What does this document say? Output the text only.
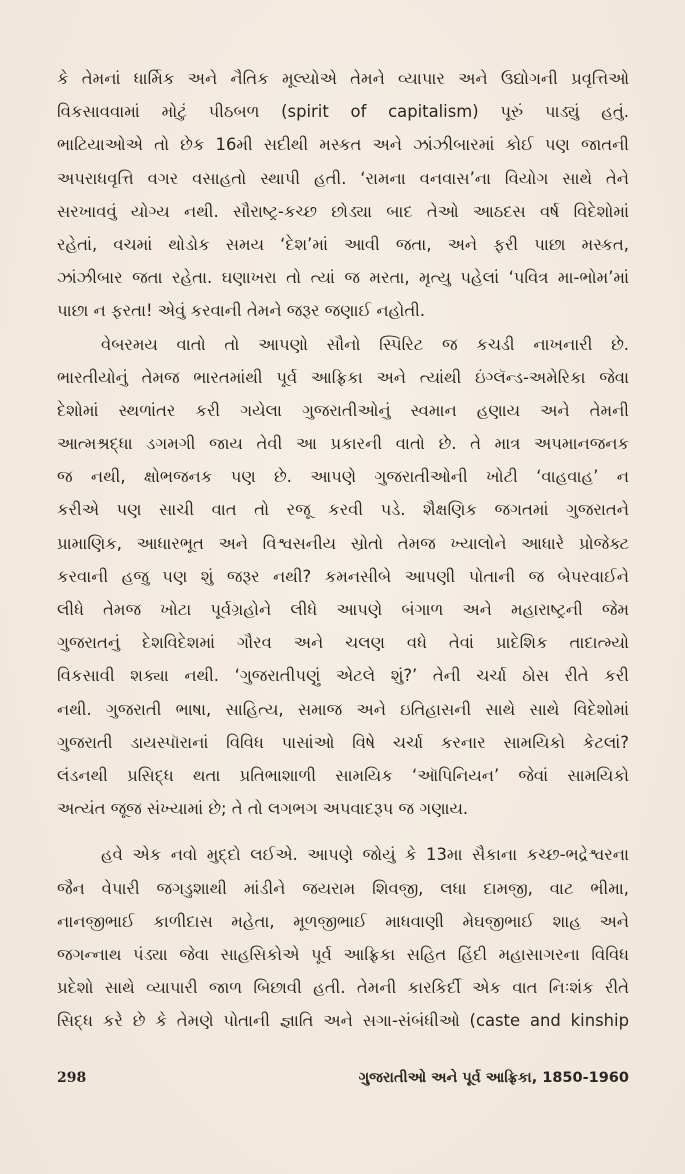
કે તેમનાં ધાર્મિક અને નૈતિક મૂલ્યોએ તેમને વ્યાપાર અને ઉદ્યોગની પ્રવૃત્તિઓ
વિકસાવવામાં મોટું પીઠબળ (spirit of capitalism) પૂરું પાડ્યું હતું.
ભાટિયાઓએ તો છેક 16મી સદીથી મસ્કત અને ઝાંઝીબારમાં કોઈ પણ જાતની
અપરાધવૃત્તિ વગર વસાહતો સ્થાપી હતી. ‘રામના વનવાસ’ના વિયોગ સાથે તેને
સરખાવવું યોગ્ય નથી. સૌરાષ્ટ્ર-કચ્છ છોડ્યા બાદ તેઓ આઠદસ વર્ષ વિદેશોમાં
રહેતાં, વચમાં થોડોક સમય ‘દેશ’માં આવી જતા, અને ફરી પાછા મસ્કત,
ઝાંઝીબાર જતા રહેતા. ઘણાખરા તો ત્યાં જ મરતા, મૃત્યુ પહેલાં ‘પવિત્ર મા-ભોમ’માં
પાછા ન ફરતા! એવું કરવાની તેમને જરૂર જણાઈ નહોતી.
વેબરમય વાતો તો આપણો સૌનો સ્પિરિટ જ કચડી નાખનારી છે.
ભારતીયોનું તેમજ ભારતમાંથી પૂર્વ આફ્રિકા અને ત્યાંથી ઇંગ્લૅન્ડ-અમેરિકા જેવા
દેશોમાં સ્થળાંતર કરી ગયેલા ગુજરાતીઓનું સ્વમાન હણાય અને તેમની
આત્મશ્રદ્ધા ડગમગી જાય તેવી આ પ્રકારની વાતો છે. તે માત્ર અપમાનજનક
જ નથી, ક્ષોભજનક પણ છે. આપણે ગુજરાતીઓની ખોટી ‘વાહવાહ’ ન
કરીએ પણ સાચી વાત તો રજૂ કરવી પડે. શૈક્ષણિક જગતમાં ગુજરાતને
પ્રામાણિક, આધારભૂત અને વિશ્વસનીય સ્રોતો તેમજ ખ્યાલોને આધારે પ્રોજેક્ટ
કરવાની હજુ પણ શું જરૂર નથી? કમનસીબે આપણી પોતાની જ બેપરવાઈને
લીધે તેમજ ખોટા પૂર્વગ્રહોને લીધે આપણે બંગાળ અને મહારાષ્ટ્રની જેમ
ગુજરાતનું દેશવિદેશમાં ગૌરવ અને ચલણ વધે તેવાં પ્રાદેશિક તાદાત્મ્યો
વિકસાવી શક્યા નથી. ‘ગુજરાતીપણું એટલે શું?’ તેની ચર્ચા ઠોસ રીતે કરી
નથી. ગુજરાતી ભાષા, સાહિત્ય, સમાજ અને ઇતિહાસની સાથે સાથે વિદેશોમાં
ગુજરાતી ડાયસ્પૉરાનાં વિવિધ પાસાંઓ વિષે ચર્ચા કરનાર સામયિકો કેટલાં?
લંડનથી પ્રસિદ્ધ થતા પ્રતિભાશાળી સામયિક ‘ઑપિનિયન’ જેવાં સામયિકો
અત્યંત જૂજ સંખ્યામાં છે; તે તો લગભગ અપવાદરૂપ જ ગણાય.
હવે એક નવો મુદ્દો લઈએ. આપણે જોયું કે 13મા સૈકાના કચ્છ-ભદ્રેશ્વરના
જૈન વેપારી જગડુશાથી માંડીને જયરામ શિવજી, લધા દામજી, વાટ ભીમા,
નાનજીભાઈ કાળીદાસ મહેતા, મૂળજીભાઈ માધવાણી મેઘજીભાઈ શાહ અને
જગન્નાથ પંડ્યા જેવા સાહસિકોએ પૂર્વ આફ્રિકા સહિત હિંદી મહાસાગરના વિવિધ
પ્રદેશો સાથે વ્યાપારી જાળ બિછાવી હતી. તેમની કારકિર્દી એક વાત નિઃશંક રીતે
સિદ્ધ કરે છે કે તેમણે પોતાની જ્ઞાતિ અને સગા-સંબંધીઓ (caste and kinship
298	ગુજરાતીઓ અને પૂર્વ આફ્રિકા, 1850-1960
